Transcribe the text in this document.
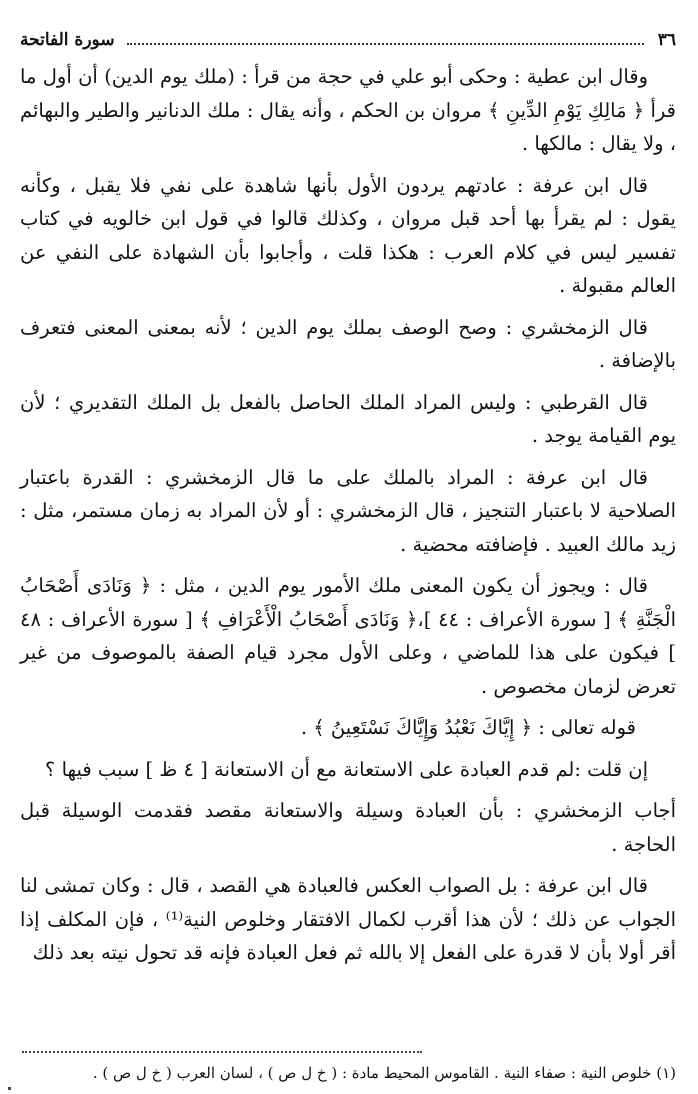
٣٦
سورة الفاتحة

وقال ابن عطية : وحكى أبو علي في حجة من قرأ : (ملك يوم الدين) أن أول ما قرأ ﴿ مَالِكِ يَوْمِ الدِّينِ ﴾ مروان بن الحكم ، وأنه يقال : ملك الدنانير والطير والبهائم ، ولا يقال : مالكها .

قال ابن عرفة : عادتهم يردون الأول بأنها شاهدة على نفي فلا يقبل ، وكأنه يقول : لم يقرأ بها أحد قبل مروان ، وكذلك قالوا في قول ابن خالويه في كتاب تفسير ليس في كلام العرب : هكذا قلت ، وأجابوا بأن الشهادة على النفي عن العالم مقبولة .

قال الزمخشري : وصح الوصف بملك يوم الدين ؛ لأنه بمعنى المعنى فتعرف بالإضافة .

قال القرطبي : وليس المراد الملك الحاصل بالفعل بل الملك التقديري ؛ لأن يوم القيامة يوجد .

قال ابن عرفة : المراد بالملك على ما قال الزمخشري : القدرة باعتبار الصلاحية لا باعتبار التنجيز ، قال الزمخشري : أو لأن المراد به زمان مستمر، مثل : زيد مالك العبيد . فإضافته محضية .

قال : ويجوز أن يكون المعنى ملك الأمور يوم الدين ، مثل : ﴿ وَنَادَى أَصْحَابُ الْجَنَّةِ ﴾ [ سورة الأعراف : ٤٤ ]،﴿ وَنَادَى أَصْحَابُ الْأَعْرَافِ ﴾ [ سورة الأعراف : ٤٨ ] فيكون على هذا للماضي ، وعلى الأول مجرد قيام الصفة بالموصوف من غير تعرض لزمان مخصوص .

قوله تعالى : ﴿ إِيَّاكَ نَعْبُدُ وَإِيَّاكَ نَسْتَعِينُ ﴾ .

إن قلت :لم قدم العبادة على الاستعانة مع أن الاستعانة [ ٤ ظ ] سبب فيها ؟

أجاب الزمخشري : بأن العبادة وسيلة والاستعانة مقصد فقدمت الوسيلة قبل الحاجة .

قال ابن عرفة : بل الصواب العكس فالعبادة هي القصد ، قال : وكان تمشى لنا الجواب عن ذلك ؛ لأن هذا أقرب لكمال الافتقار وخلوص النية⁽¹⁾ ، فإن المكلف إذا أقر أولا بأن لا قدرة على الفعل إلا بالله ثم فعل العبادة فإنه قد تحول نيته بعد ذلك

(١) خلوص النية : صفاء النية . القاموس المحيط مادة : ( خ ل ص ) ، لسان العرب ( خ ل ص ) .
